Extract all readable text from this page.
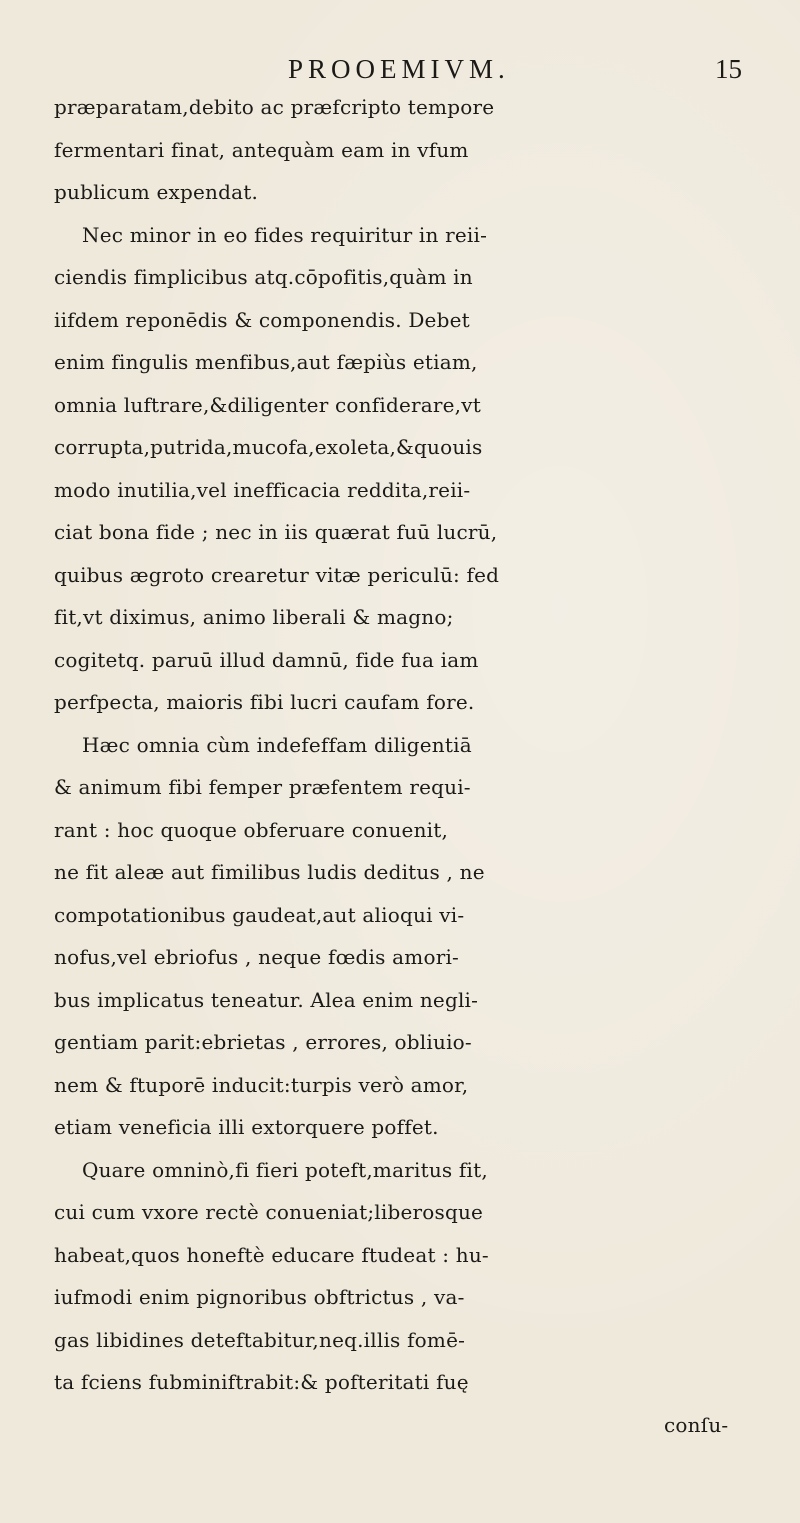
PROOEMIVM.	15
præparatam,debito ac præfcripto tempore
fermentari finat, antequàm eam in vfum
publicum expendat.
Nec minor in eo fides requiritur in reii-
ciendis fimplicibus atq.cōpofitis,quàm in
iifdem reponēdis & componendis. Debet
enim fingulis menfibus,aut fæpiùs etiam,
omnia luftrare,&diligenter confiderare,vt
corrupta,putrida,mucofa,exoleta,&quouis
modo inutilia,vel inefficacia reddita,reii-
ciat bona fide ; nec in iis quærat fuū lucrū,
quibus ægroto crearetur vitæ periculū: fed
fit,vt diximus, animo liberali & magno;
cogitetq. paruū illud damnū, fide fua iam
perfpecta, maioris fibi lucri caufam fore.
Hæc omnia cùm indefeffam diligentiā
& animum fibi femper præfentem requi-
rant : hoc quoque obferuare conuenit,
ne fit aleæ aut fimilibus ludis deditus , ne
compotationibus gaudeat,aut alioqui vi-
nofus,vel ebriofus , neque fœdis amori-
bus implicatus teneatur. Alea enim negli-
gentiam parit:ebrietas , errores, obliuio-
nem & ftuporē inducit:turpis verò amor,
etiam veneficia illi extorquere poffet.
Quare omninò,fi fieri poteft,maritus fit,
cui cum vxore rectè conueniat;liberosque
habeat,quos honeftè educare ftudeat : hu-
iufmodi enim pignoribus obftrictus , va-
gas libidines deteftabitur,neq.illis fomē-
ta fciens fubminiftrabit:& pofteritati fuę
conſu-
